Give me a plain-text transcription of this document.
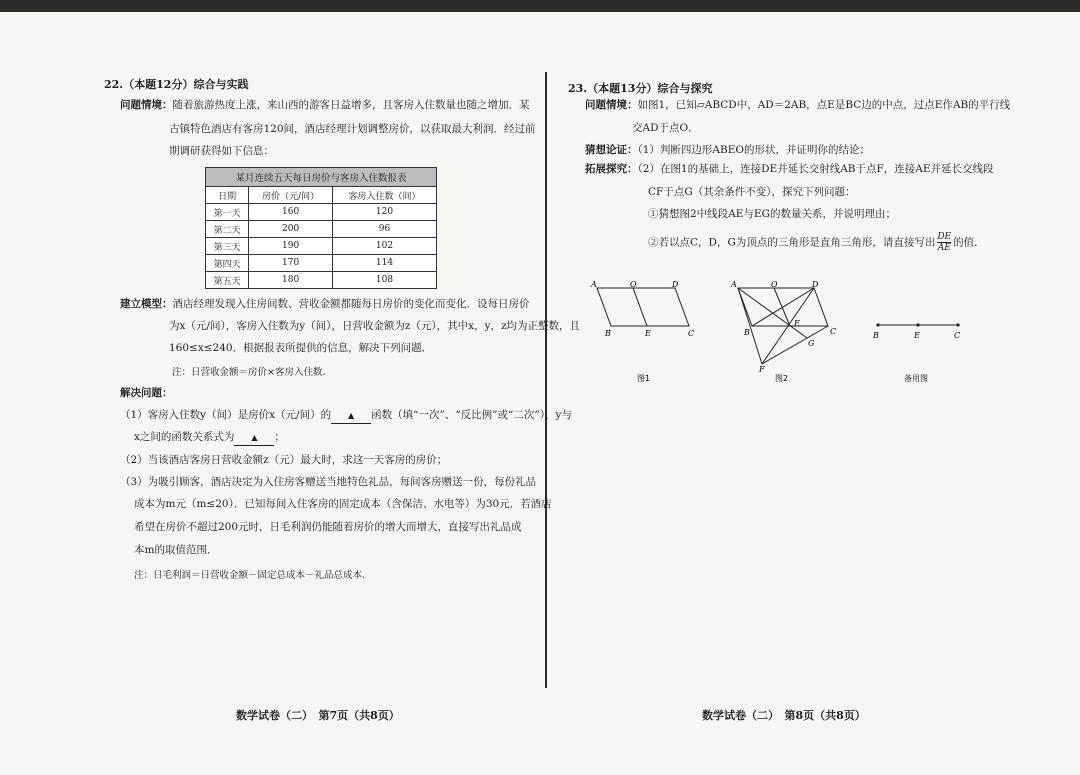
22.（本题12分）综合与实践
问题情境：随着旅游热度上涨，来山西的游客日益增多，且客房入住数量也随之增加．某
古镇特色酒店有客房120间，酒店经理计划调整房价，以获取最大利润．经过前
期调研获得如下信息：
某月连续五天每日房价与客房入住数报表
日期	房价（元/间）	客房入住数（间）
第一天	160	120
第二天	200	96
第三天	190	102
第四天	170	114
第五天	180	108
建立模型：酒店经理发现入住房间数、营收金额都随每日房价的变化而变化．设每日房价
为x（元/间），客房入住数为y（间），日营收金额为z（元），其中x，y，z均为正整数，且
160≤x≤240．根据报表所提供的信息，解决下列问题．
注：日营收金额＝房价×客房入住数．
解决问题：
（1）客房入住数y（间）是房价x（元/间）的 ▲ 函数（填“一次”、“反比例”或“二次”），y与
x之间的函数关系式为 ▲ ；
（2）当该酒店客房日营收金额z（元）最大时，求这一天客房的房价；
（3）为吸引顾客，酒店决定为入住房客赠送当地特色礼品，每间客房赠送一份，每份礼品
成本为m元（m≤20）．已知每间入住客房的固定成本（含保洁、水电等）为30元．若酒店
希望在房价不超过200元时，日毛利润仍能随着房价的增大而增大，直接写出礼品成
本m的取值范围．
注：日毛利润＝日营收金额－固定总成本－礼品总成本．
23.（本题13分）综合与探究
问题情境：如图1，已知▱ABCD中，AD＝2AB，点E是BC边的中点，过点E作AB的平行线
交AD于点O．
猜想论证：（1）判断四边形ABEO的形状，并证明你的结论；
拓展探究：（2）在图1的基础上，连接DE并延长交射线AB于点F，连接AE并延长交线段
CF于点G（其余条件不变），探究下列问题：
①猜想图2中线段AE与EG的数量关系，并说明理由；
②若以点C，D，G为顶点的三角形是直角三角形，请直接写出 $\frac{DE}{AE}$ 的值．
A	O	D
B	E	C
图1
A	O	D
E
B	C
G
F
图2
B	E	C
备用图
数学试卷（二）　第7页（共8页）	数学试卷（二）　第8页（共8页）
